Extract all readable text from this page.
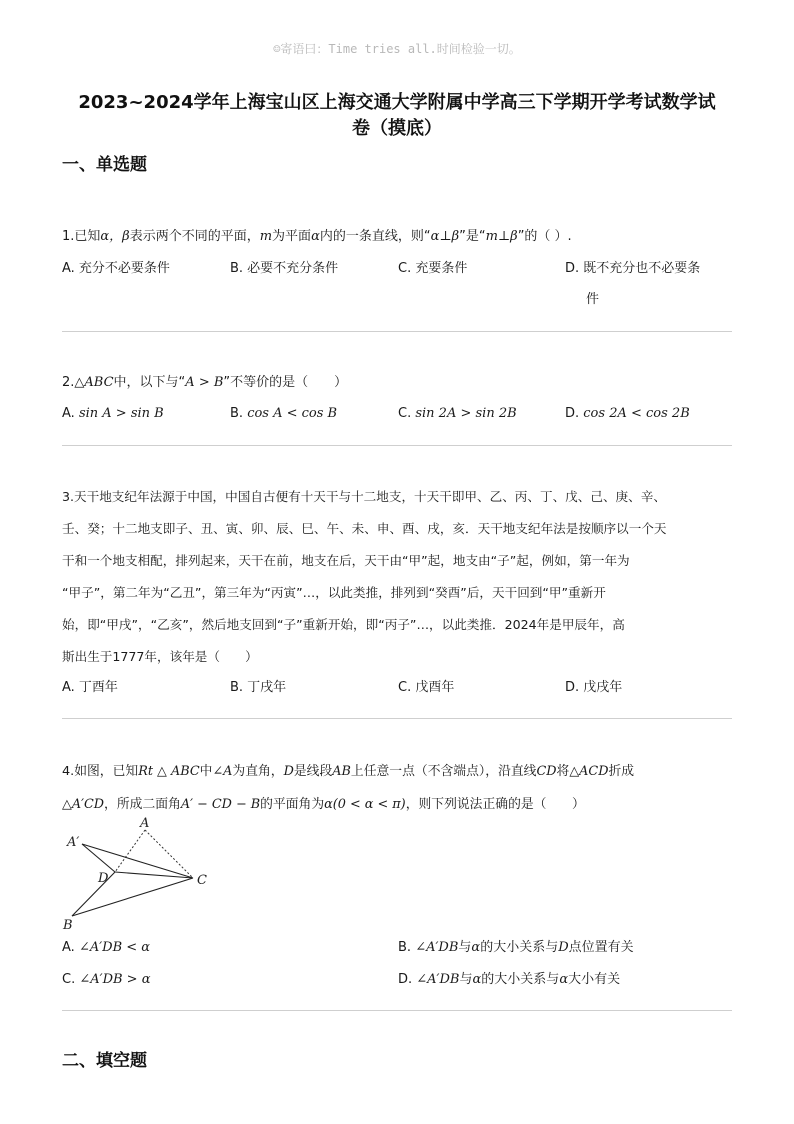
☺寄语曰：Time tries all.时间检验一切。
2023~2024学年上海宝山区上海交通大学附属中学高三下学期开学考试数学试
卷（摸底）
一、单选题
1.已知α，β表示两个不同的平面，m为平面α内的一条直线，则“α⊥β”是“m⊥β”的（ ）.
A. 充分不必要条件	B. 必要不充分条件	C. 充要条件	D. 既不充分也不必要条
件
2.△ABC中，以下与“A > B”不等价的是（　　）
A. sin A > sin B	B. cos A < cos B	C. sin 2A > sin 2B	D. cos 2A < cos 2B
3.天干地支纪年法源于中国，中国自古便有十天干与十二地支，十天干即甲、乙、丙、丁、戊、己、庚、辛、
壬、癸；十二地支即子、丑、寅、卯、辰、巳、午、未、申、酉、戌，亥．天干地支纪年法是按顺序以一个天
干和一个地支相配，排列起来，天干在前，地支在后，天干由“甲”起，地支由“子”起，例如，第一年为
“甲子”，第二年为“乙丑”，第三年为“丙寅”…，以此类推，排列到“癸酉”后，天干回到“甲”重新开
始，即“甲戌”，“乙亥”，然后地支回到“子”重新开始，即“丙子”…，以此类推．2024年是甲辰年，高
斯出生于1777年，该年是（　　）
A. 丁酉年	B. 丁戌年	C. 戊酉年	D. 戊戌年
4.如图，已知Rt △ ABC中∠A为直角，D是线段AB上任意一点（不含端点），沿直线CD将△ACD折成
△A′CD，所成二面角A′ − CD − B的平面角为α(0 < α < π)，则下列说法正确的是（　　）
A
A′
D	C
B
A. ∠A′DB < α	B. ∠A′DB与α的大小关系与D点位置有关
C. ∠A′DB > α	D. ∠A′DB与α的大小关系与α大小有关
二、填空题
